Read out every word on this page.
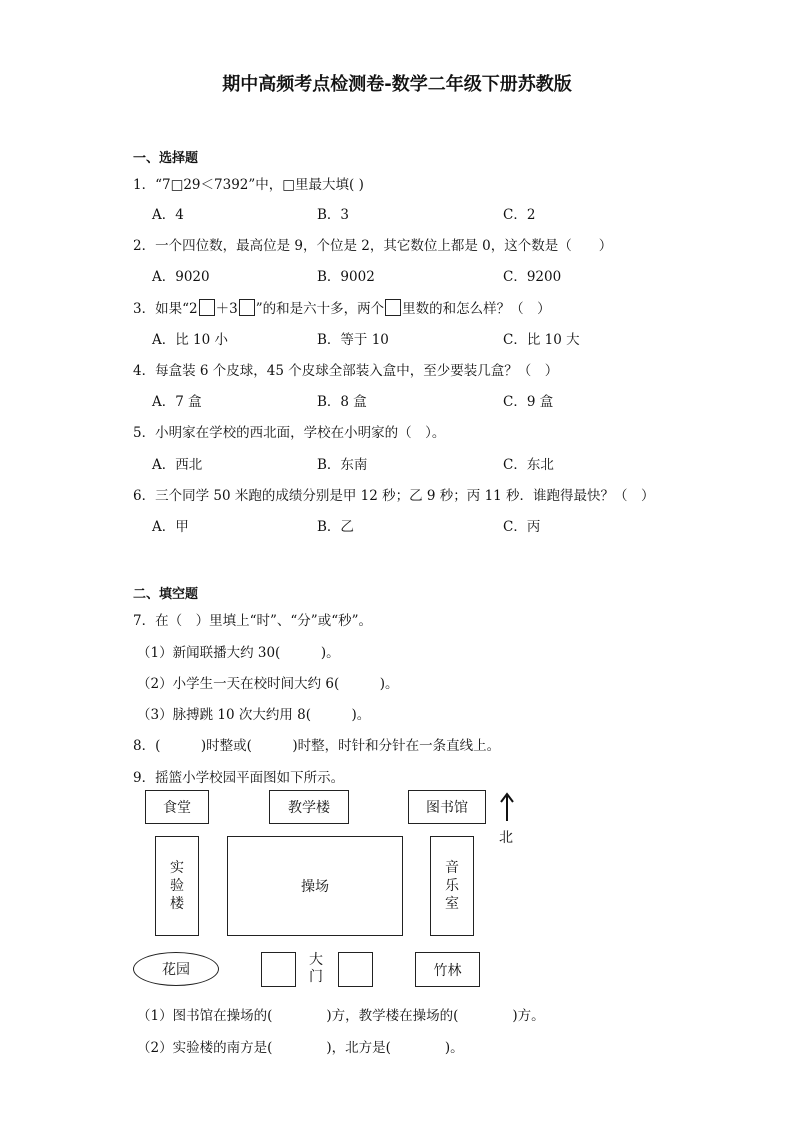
期中高频考点检测卷-数学二年级下册苏教版
一、选择题
1．“7□29＜7392”中，□里最大填( )
A．4	B．3	C．2
2．一个四位数，最高位是 9，个位是 2，其它数位上都是 0，这个数是（　　）
A．9020	B．9002	C．9200
3．如果“2 ＋3 ”的和是六十多，两个 里数的和怎么样？（　）
A．比 10 小	B．等于 10	C．比 10 大
4．每盒装 6 个皮球，45 个皮球全部装入盒中，至少要装几盒？（　）
A．7 盒	B．8 盒	C．9 盒
5．小明家在学校的西北面，学校在小明家的（　）。
A．西北	B．东南	C．东北
6．三个同学 50 米跑的成绩分别是甲 12 秒；乙 9 秒；丙 11 秒．谁跑得最快？（　）
A．甲	B．乙	C．丙
二、填空题
7．在（　）里填上“时”、“分”或“秒”。
（1）新闻联播大约 30(　　　)。
（2）小学生一天在校时间大约 6(　　　)。
（3）脉搏跳 10 次大约用 8(　　　)。
8．(　　　)时整或(　　　)时整，时针和分针在一条直线上。
9．摇篮小学校园平面图如下所示。
食堂	教学楼	图书馆
北
实
验
楼
操场
音
乐
室
花园
大
门	竹林
（1）图书馆在操场的(　　　　)方，教学楼在操场的(　　　　)方。
（2）实验楼的南方是(　　　　)，北方是(　　　　)。
